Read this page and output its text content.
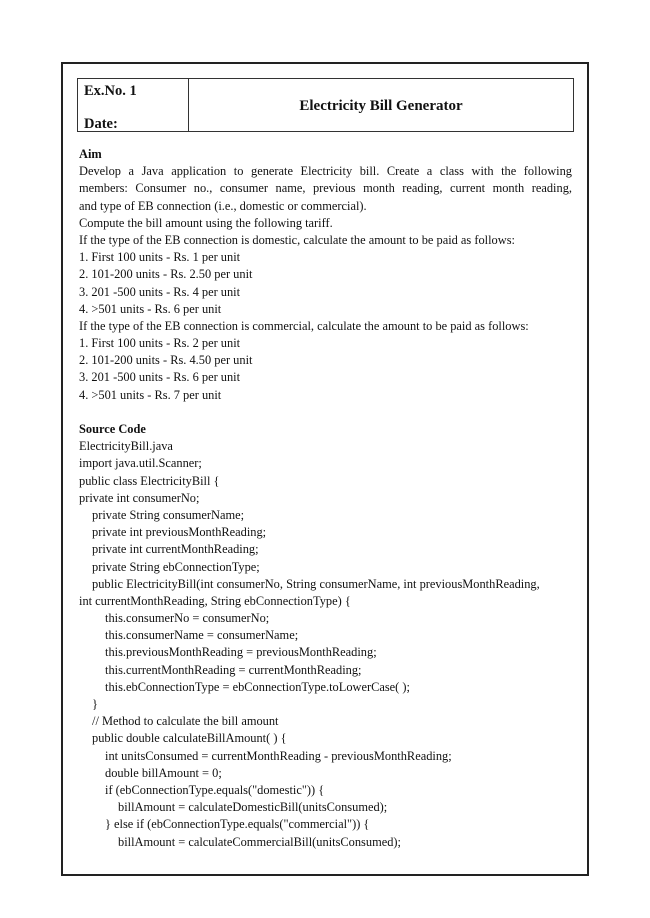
Ex.No. 1
Date:
Electricity Bill Generator
Aim
Develop a Java application to generate Electricity bill. Create a class with the following
members: Consumer no., consumer name, previous month reading, current month reading,
and type of EB connection (i.e., domestic or commercial).
Compute the bill amount using the following tariff.
If the type of the EB connection is domestic, calculate the amount to be paid as follows:
1. First 100 units - Rs. 1 per unit
2. 101-200 units - Rs. 2.50 per unit
3. 201 -500 units - Rs. 4 per unit
4. >501 units - Rs. 6 per unit
If the type of the EB connection is commercial, calculate the amount to be paid as follows:
1. First 100 units - Rs. 2 per unit
2. 101-200 units - Rs. 4.50 per unit
3. 201 -500 units - Rs. 6 per unit
4. >501 units - Rs. 7 per unit
Source Code
ElectricityBill.java
import java.util.Scanner;
public class ElectricityBill {
private int consumerNo;
private String consumerName;
private int previousMonthReading;
private int currentMonthReading;
private String ebConnectionType;
public ElectricityBill(int consumerNo, String consumerName, int previousMonthReading,
int currentMonthReading, String ebConnectionType) {
this.consumerNo = consumerNo;
this.consumerName = consumerName;
this.previousMonthReading = previousMonthReading;
this.currentMonthReading = currentMonthReading;
this.ebConnectionType = ebConnectionType.toLowerCase( );
}
// Method to calculate the bill amount
public double calculateBillAmount( ) {
int unitsConsumed = currentMonthReading - previousMonthReading;
double billAmount = 0;
if (ebConnectionType.equals("domestic")) {
billAmount = calculateDomesticBill(unitsConsumed);
} else if (ebConnectionType.equals("commercial")) {
billAmount = calculateCommercialBill(unitsConsumed);
